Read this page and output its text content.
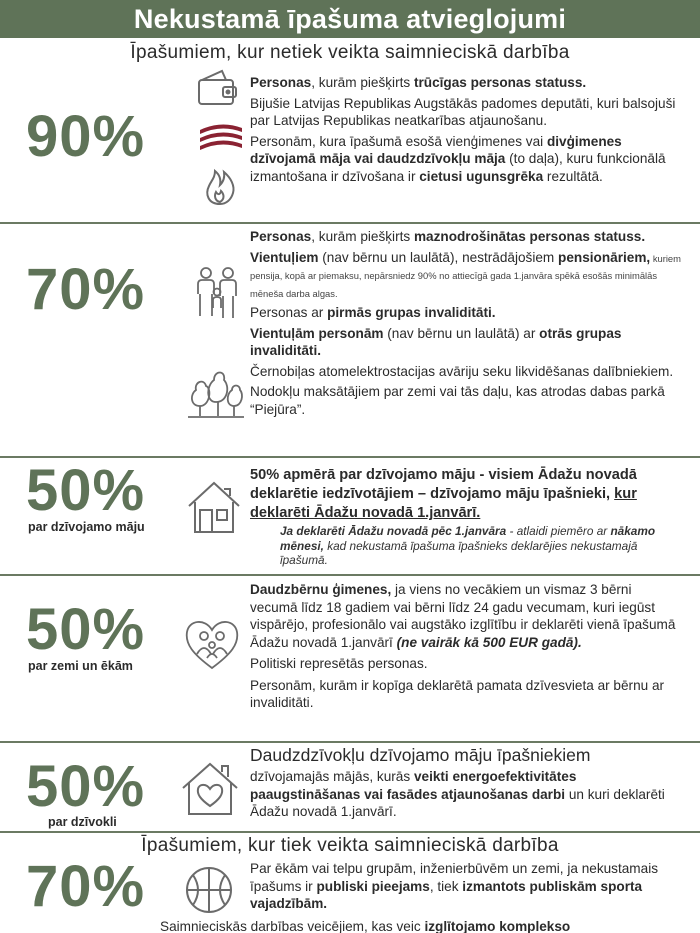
Nekustamā īpašuma atvieglojumi
Īpašumiem, kur netiek veikta saimnieciskā darbība
90%

Personas, kurām piešķirts trūcīgas personas statuss.

Bijušie Latvijas Republikas Augstākās padomes deputāti, kuri balsojuši par Latvijas Republikas neatkarības atjaunošanu.

Personām, kura īpašumā esošā vienģimenes vai divģimenes dzīvojamā māja vai daudzdzīvokļu māja (to daļa), kuru funkcionālā izmantošana ir dzīvošana ir cietusi ugunsgrēka rezultātā.

70%

Personas, kurām piešķirts maznodrošinātas personas statuss.

Vientuļiem (nav bērnu un laulātā), nestrādājošiem pensionāriem, kuriem pensija, kopā ar piemaksu, nepārsniedz 90% no attiecīgā gada 1.janvāra spēkā esošās minimālās mēneša darba algas.

Personas ar pirmās grupas invaliditāti.

Vientuļām personām (nav bērnu un laulātā) ar otrās grupas invaliditāti.

Černobiļas atomelektrostacijas avāriju seku likvidēšanas dalībniekiem.

Nodokļu maksātājiem par zemi vai tās daļu, kas atrodas dabas parkā “Piejūra”.

50%
par dzīvojamo māju

50% apmērā par dzīvojamo māju - visiem Ādažu novadā deklarētie iedzīvotājiem – dzīvojamo māju īpašnieki, kur deklarēti Ādažu novadā 1.janvārī.

Ja deklarēti Ādažu novadā pēc 1.janvāra - atlaidi piemēro ar nākamo mēnesi, kad nekustamā īpašuma īpašnieks deklarējies nekustamajā īpašumā.
50%
par zemi un ēkām

Daudzbērnu ģimenes, ja viens no vecākiem un vismaz 3 bērni vecumā līdz 18 gadiem vai bērni līdz 24 gadu vecumam, kuri iegūst vispārējo, profesionālo vai augstāko izglītību ir deklarēti vienā īpašumā Ādažu novadā 1.janvārī (ne vairāk kā 500 EUR gadā).

Politiski represētās personas.

Personām, kurām ir kopīga deklarētā pamata dzīvesvieta ar bērnu ar invaliditāti.

50%
par dzīvokli
Daudzdzīvokļu dzīvojamo māju īpašniekiem

dzīvojamajās mājās, kurās veikti energoefektivitātes paaugstināšanas vai fasādes atjaunošanas darbi un kuri deklarēti Ādažu novadā 1.janvārī.

Īpašumiem, kur tiek veikta saimnieciskā darbība
70%	Par ēkām vai telpu grupām, inženierbūvēm un zemi, ja nekustamais īpašums ir publiski pieejams, tiek izmantots publiskām sporta vajadzībām.

Saimnieciskās darbības veicējiem, kas veic izglītojamo komplekso
